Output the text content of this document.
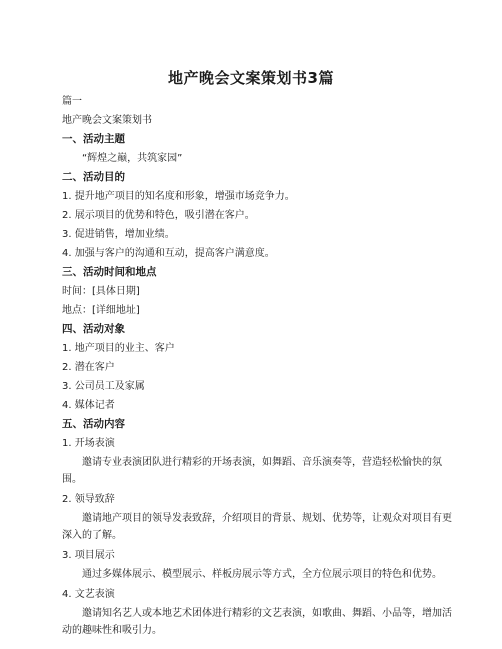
地产晚会文案策划书3篇

篇一

地产晚会文案策划书

一、活动主题

“辉煌之巅，共筑家园”

二、活动目的

1. 提升地产项目的知名度和形象，增强市场竞争力。

2. 展示项目的优势和特色，吸引潜在客户。

3. 促进销售，增加业绩。

4. 加强与客户的沟通和互动，提高客户满意度。

三、活动时间和地点

时间：[具体日期]

地点：[详细地址]

四、活动对象

1. 地产项目的业主、客户

2. 潜在客户

3. 公司员工及家属

4. 媒体记者

五、活动内容

1. 开场表演

邀请专业表演团队进行精彩的开场表演，如舞蹈、音乐演奏等，营造轻松愉快的氛围。

2. 领导致辞

邀请地产项目的领导发表致辞，介绍项目的背景、规划、优势等，让观众对项目有更深入的了解。

3. 项目展示

通过多媒体展示、模型展示、样板房展示等方式，全方位展示项目的特色和优势。

4. 文艺表演

邀请知名艺人或本地艺术团体进行精彩的文艺表演，如歌曲、舞蹈、小品等，增加活动的趣味性和吸引力。
